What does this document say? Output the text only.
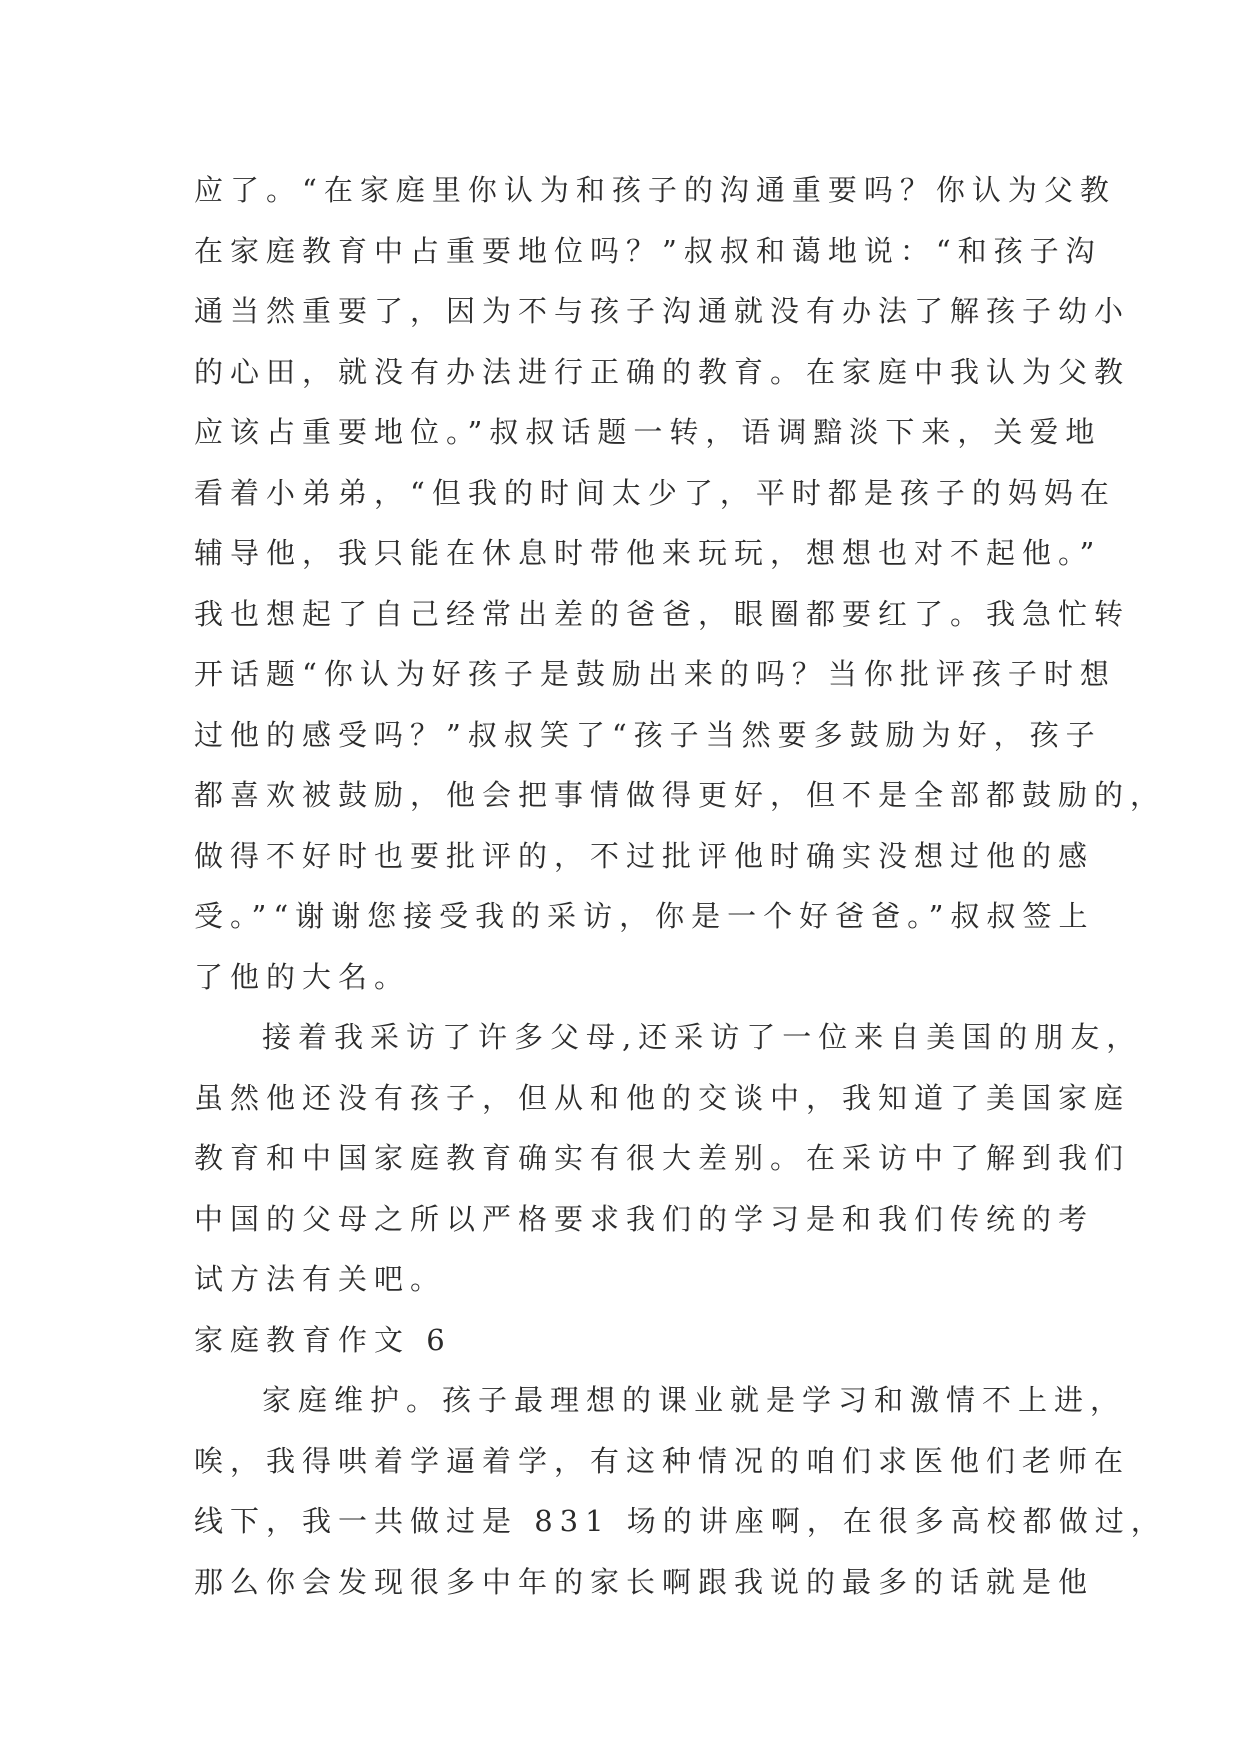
应了。“在家庭里你认为和孩子的沟通重要吗？你认为父教
在家庭教育中占重要地位吗？”叔叔和蔼地说：“和孩子沟
通当然重要了，因为不与孩子沟通就没有办法了解孩子幼小
的心田，就没有办法进行正确的教育。在家庭中我认为父教
应该占重要地位。”叔叔话题一转，语调黯淡下来，关爱地
看着小弟弟，“但我的时间太少了，平时都是孩子的妈妈在
辅导他，我只能在休息时带他来玩玩，想想也对不起他。”
我也想起了自己经常出差的爸爸，眼圈都要红了。我急忙转
开话题“你认为好孩子是鼓励出来的吗？当你批评孩子时想
过他的感受吗？”叔叔笑了“孩子当然要多鼓励为好，孩子
都喜欢被鼓励，他会把事情做得更好，但不是全部都鼓励的，
做得不好时也要批评的，不过批评他时确实没想过他的感
受。”“谢谢您接受我的采访，你是一个好爸爸。”叔叔签上
了他的大名。
接着我采访了许多父母,还采访了一位来自美国的朋友，
虽然他还没有孩子，但从和他的交谈中，我知道了美国家庭
教育和中国家庭教育确实有很大差别。在采访中了解到我们
中国的父母之所以严格要求我们的学习是和我们传统的考
试方法有关吧。
家庭教育作文 6
家庭维护。孩子最理想的课业就是学习和激情不上进，
唉，我得哄着学逼着学，有这种情况的咱们求医他们老师在
线下，我一共做过是 831 场的讲座啊，在很多高校都做过，
那么你会发现很多中年的家长啊跟我说的最多的话就是他
